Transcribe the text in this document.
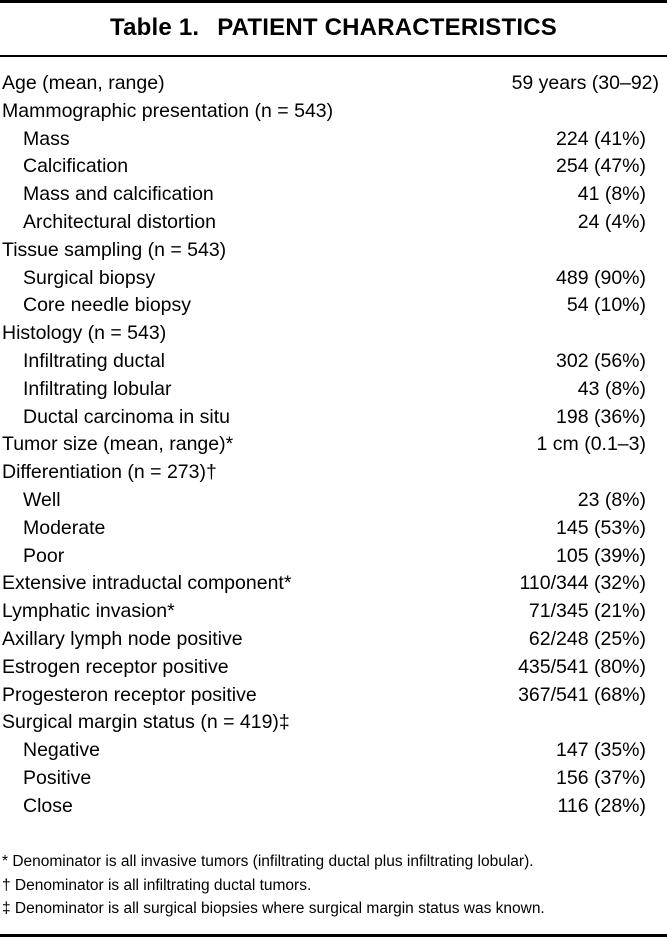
Table 1. PATIENT CHARACTERISTICS
Age (mean, range)	59 years (30–92)
Mammographic presentation (n = 543)
Mass	224 (41%)
Calcification	254 (47%)
Mass and calcification	41 (8%)
Architectural distortion	24 (4%)
Tissue sampling (n = 543)
Surgical biopsy	489 (90%)
Core needle biopsy	54 (10%)
Histology (n = 543)
Infiltrating ductal	302 (56%)
Infiltrating lobular	43 (8%)
Ductal carcinoma in situ	198 (36%)
Tumor size (mean, range)*	1 cm (0.1–3)
Differentiation (n = 273)†
Well	23 (8%)
Moderate	145 (53%)
Poor	105 (39%)
Extensive intraductal component*	110/344 (32%)
Lymphatic invasion*	71/345 (21%)
Axillary lymph node positive	62/248 (25%)
Estrogen receptor positive	435/541 (80%)
Progesteron receptor positive	367/541 (68%)
Surgical margin status (n = 419)‡
Negative	147 (35%)
Positive	156 (37%)
Close	116 (28%)
* Denominator is all invasive tumors (infiltrating ductal plus infiltrating lobular).
† Denominator is all infiltrating ductal tumors.
‡ Denominator is all surgical biopsies where surgical margin status was known.
